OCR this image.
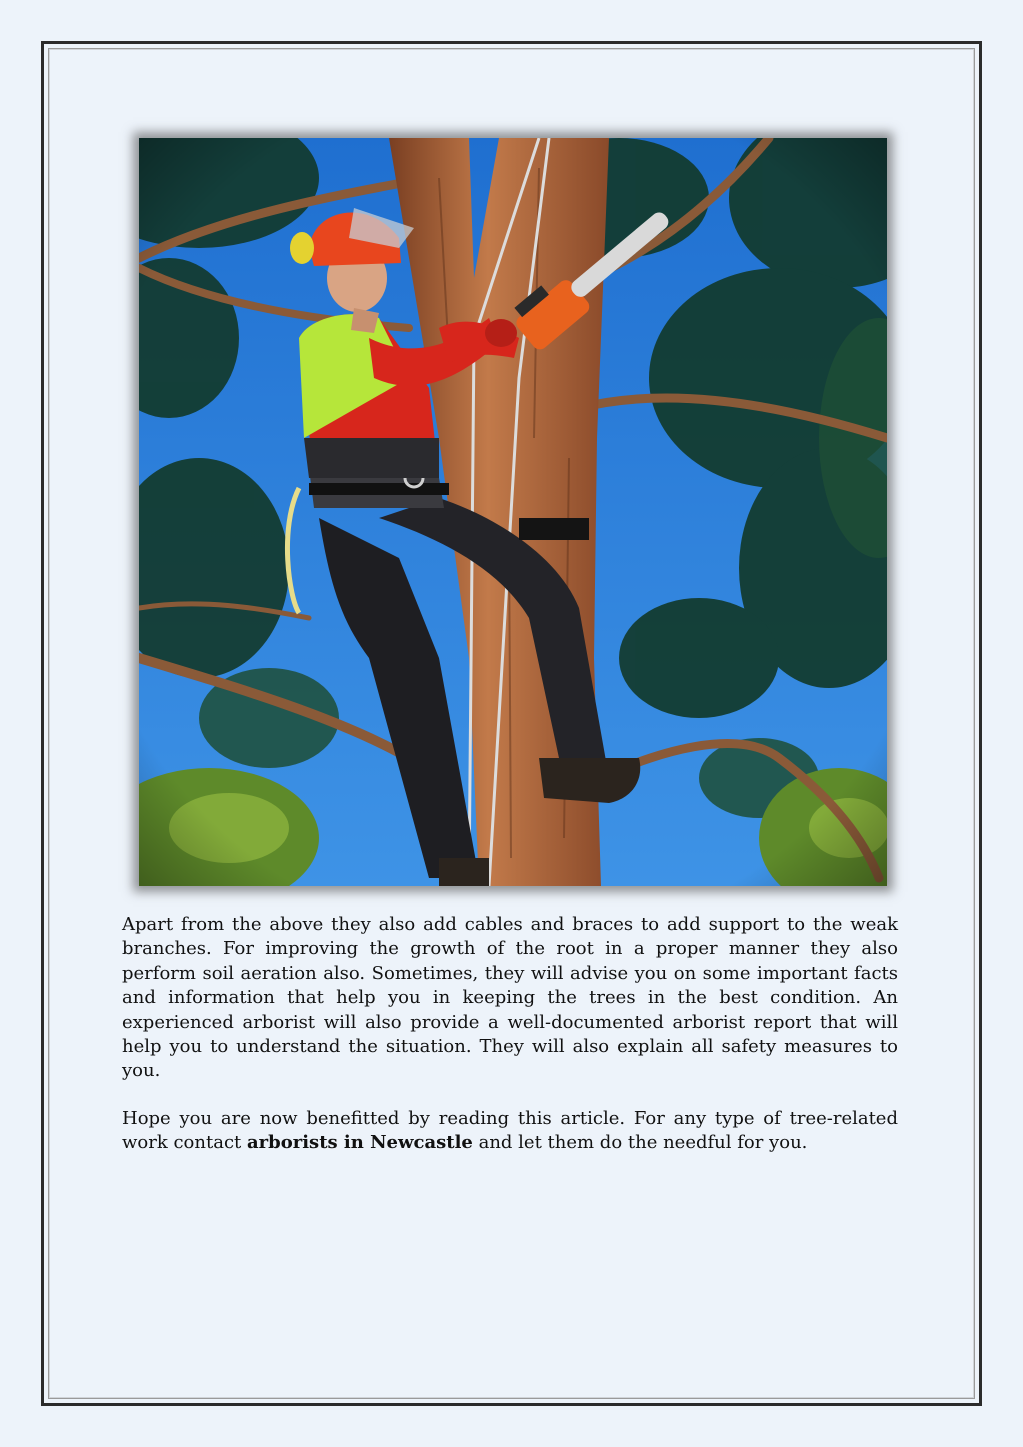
Apart from the above they also add cables and braces to add support to the weak branches. For improving the growth of the root in a proper manner they also perform soil aeration also. Sometimes, they will advise you on some important facts and information that help you in keeping the trees in the best condition. An experienced arborist will also provide a well-documented arborist report that will help you to understand the situation. They will also explain all safety measures to you.

Hope you are now benefitted by reading this article. For any type of tree-related work contact arborists in Newcastle and let them do the needful for you.
